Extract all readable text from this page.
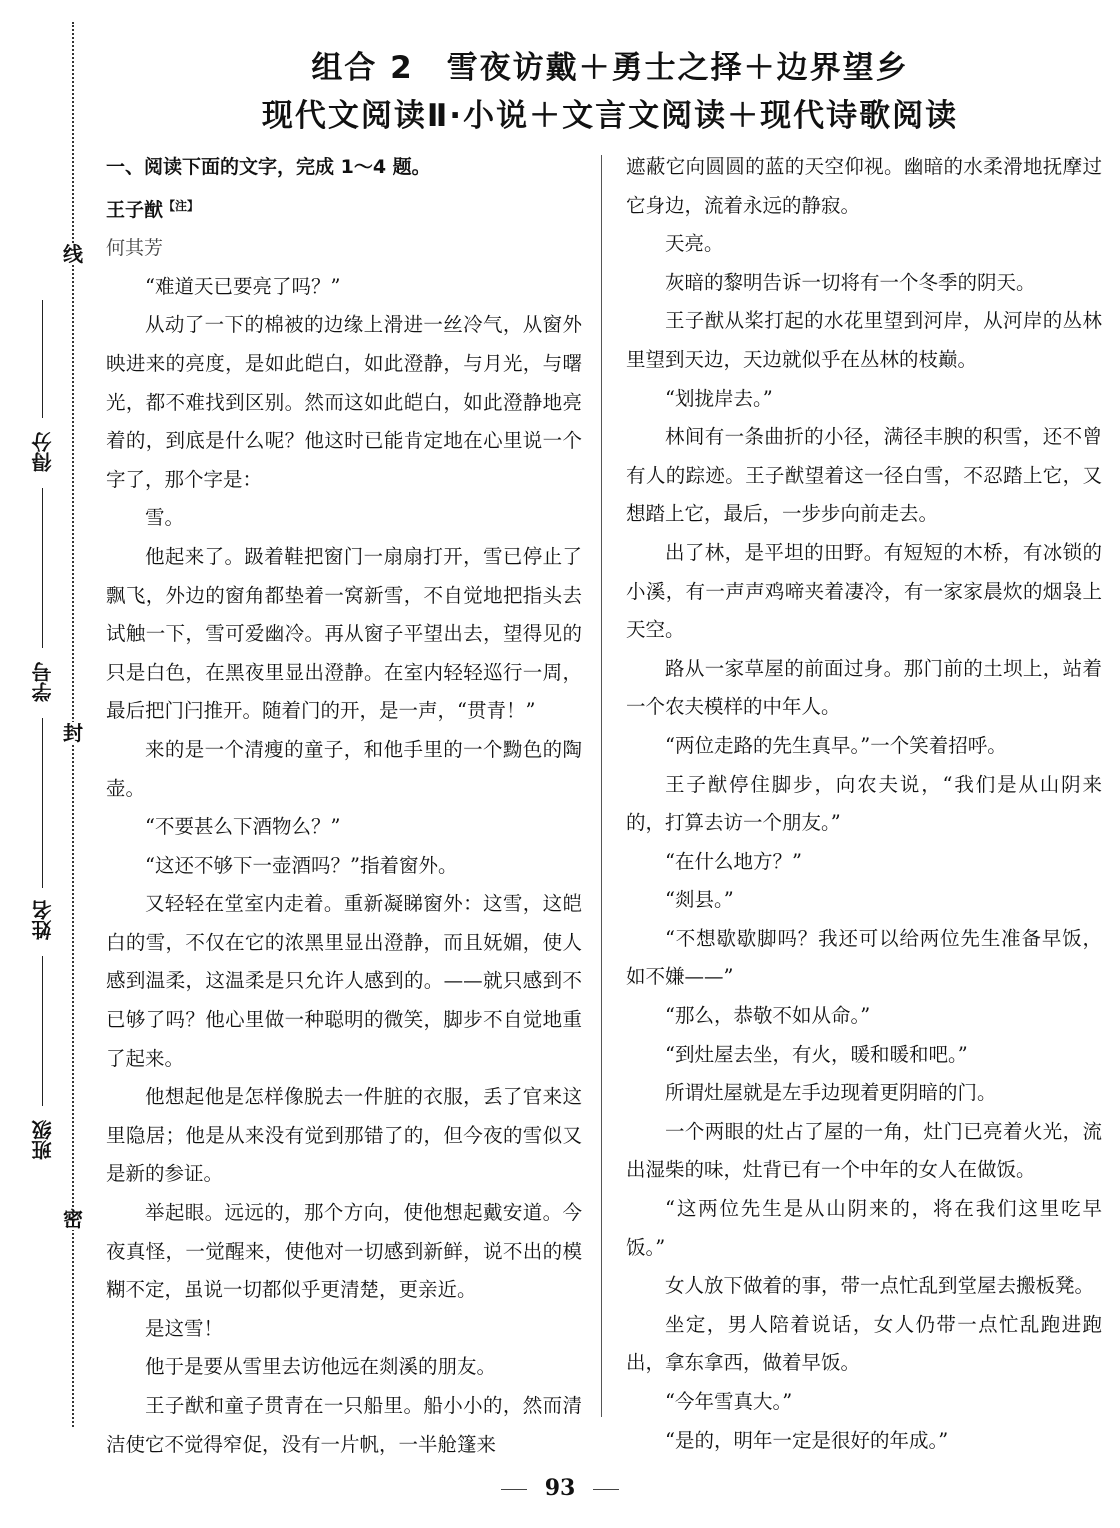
线
封
密
得分
学号
姓名
班级
组合 2　雪夜访戴＋勇士之择＋边界望乡
现代文阅读Ⅱ·小说＋文言文阅读＋现代诗歌阅读

一、阅读下面的文字，完成 1～4 题。

王子猷$^{【注】}$

何其芳

“难道天已要亮了吗？”

从动了一下的棉被的边缘上滑进一丝冷气，从窗外映进来的亮度，是如此皑白，如此澄静，与月光，与曙光，都不难找到区别。然而这如此皑白，如此澄静地亮着的，到底是什么呢？他这时已能肯定地在心里说一个字了，那个字是：

雪。

他起来了。趿着鞋把窗门一扇扇打开，雪已停止了飘飞，外边的窗角都垫着一窝新雪，不自觉地把指头去试触一下，雪可爱幽冷。再从窗子平望出去，望得见的只是白色，在黑夜里显出澄静。在室内轻轻巡行一周，最后把门闩推开。随着门的开，是一声，“贯青！”

来的是一个清瘦的童子，和他手里的一个黝色的陶壶。

“不要甚么下酒物么？”

“这还不够下一壶酒吗？”指着窗外。

又轻轻在堂室内走着。重新凝睇窗外：这雪，这皑白的雪，不仅在它的浓黑里显出澄静，而且妩媚，使人感到温柔，这温柔是只允许人感到的。——就只感到不已够了吗？他心里做一种聪明的微笑，脚步不自觉地重了起来。

他想起他是怎样像脱去一件脏的衣服，丢了官来这里隐居；他是从来没有觉到那错了的，但今夜的雪似又是新的参证。

举起眼。远远的，那个方向，使他想起戴安道。今夜真怪，一觉醒来，使他对一切感到新鲜，说不出的模糊不定，虽说一切都似乎更清楚，更亲近。

是这雪！

他于是要从雪里去访他远在剡溪的朋友。

王子猷和童子贯青在一只船里。船小小的，然而清洁使它不觉得窄促，没有一片帆，一半舱篷来

遮蔽它向圆圆的蓝的天空仰视。幽暗的水柔滑地抚摩过它身边，流着永远的静寂。

天亮。

灰暗的黎明告诉一切将有一个冬季的阴天。

王子猷从桨打起的水花里望到河岸，从河岸的丛林里望到天边，天边就似乎在丛林的枝巅。

“划拢岸去。”

林间有一条曲折的小径，满径丰腴的积雪，还不曾有人的踪迹。王子猷望着这一径白雪，不忍踏上它，又想踏上它，最后，一步步向前走去。

出了林，是平坦的田野。有短短的木桥，有冰锁的小溪，有一声声鸡啼夹着凄冷，有一家家晨炊的烟袅上天空。

路从一家草屋的前面过身。那门前的土坝上，站着一个农夫模样的中年人。

“两位走路的先生真早。”一个笑着招呼。

王子猷停住脚步，向农夫说，“我们是从山阴来的，打算去访一个朋友。”

“在什么地方？”

“剡县。”

“不想歇歇脚吗？我还可以给两位先生准备早饭，如不嫌——”

“那么，恭敬不如从命。”

“到灶屋去坐，有火，暖和暖和吧。”

所谓灶屋就是左手边现着更阴暗的门。

一个两眼的灶占了屋的一角，灶门已亮着火光，流出湿柴的味，灶背已有一个中年的女人在做饭。

“这两位先生是从山阴来的，将在我们这里吃早饭。”

女人放下做着的事，带一点忙乱到堂屋去搬板凳。

坐定，男人陪着说话，女人仍带一点忙乱跑进跑出，拿东拿西，做着早饭。

“今年雪真大。”

“是的，明年一定是很好的年成。”

93
